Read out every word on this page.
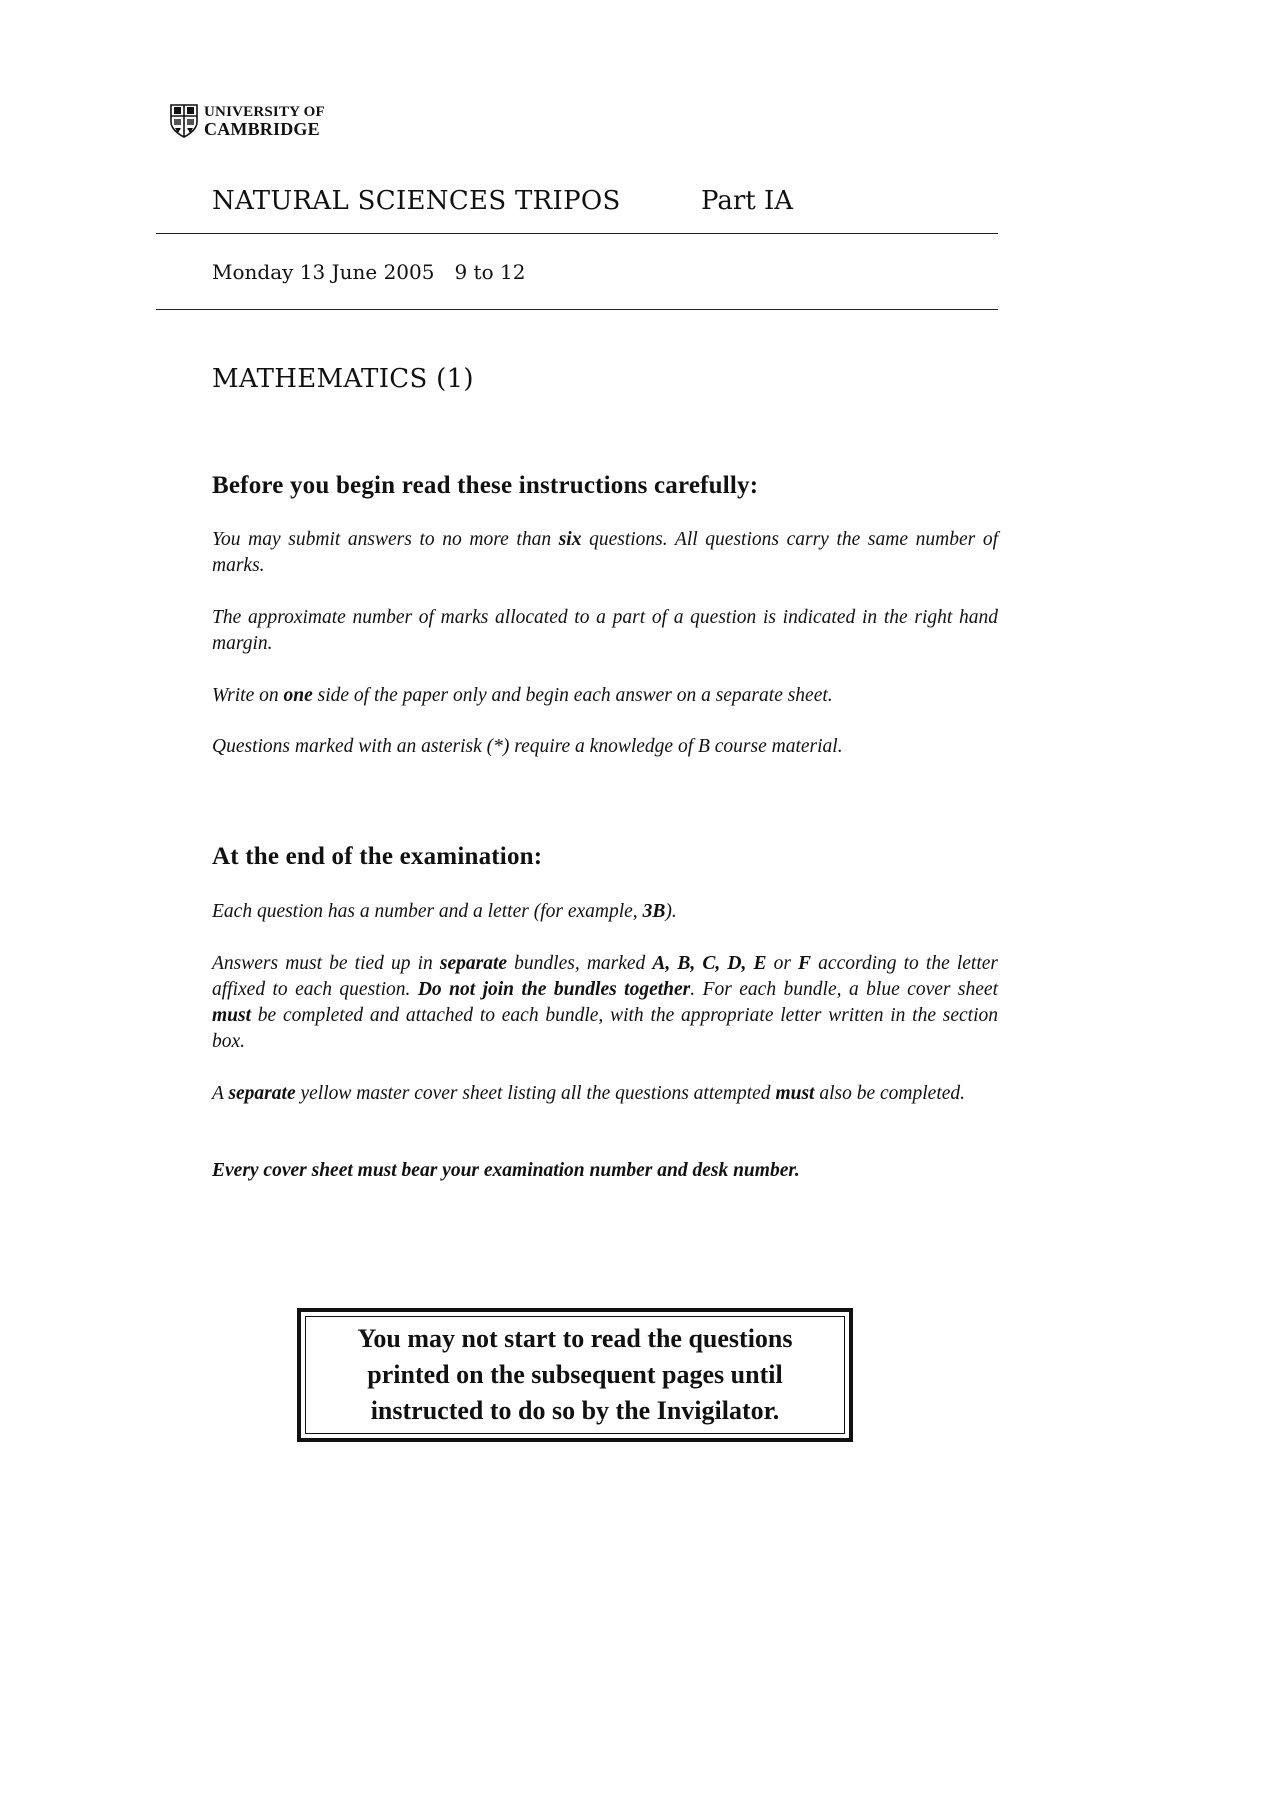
UNIVERSITY OF
CAMBRIDGE
NATURAL SCIENCES TRIPOS	Part IA
Monday 13 June 2005 9 to 12
MATHEMATICS (1)
Before you begin read these instructions carefully:
You may submit answers to no more than six questions. All questions carry the same number of marks.
The approximate number of marks allocated to a part of a question is indicated in the right hand margin.
Write on one side of the paper only and begin each answer on a separate sheet.
Questions marked with an asterisk (*) require a knowledge of B course material.
At the end of the examination:
Each question has a number and a letter (for example, 3B).
Answers must be tied up in separate bundles, marked A, B, C, D, E or F according to the letter affixed to each question. Do not join the bundles together. For each bundle, a blue cover sheet must be completed and attached to each bundle, with the appropriate letter written in the section box.
A separate yellow master cover sheet listing all the questions attempted must also be completed.
Every cover sheet must bear your examination number and desk number.
You may not start to read the questions printed on the subsequent pages until instructed to do so by the Invigilator.
